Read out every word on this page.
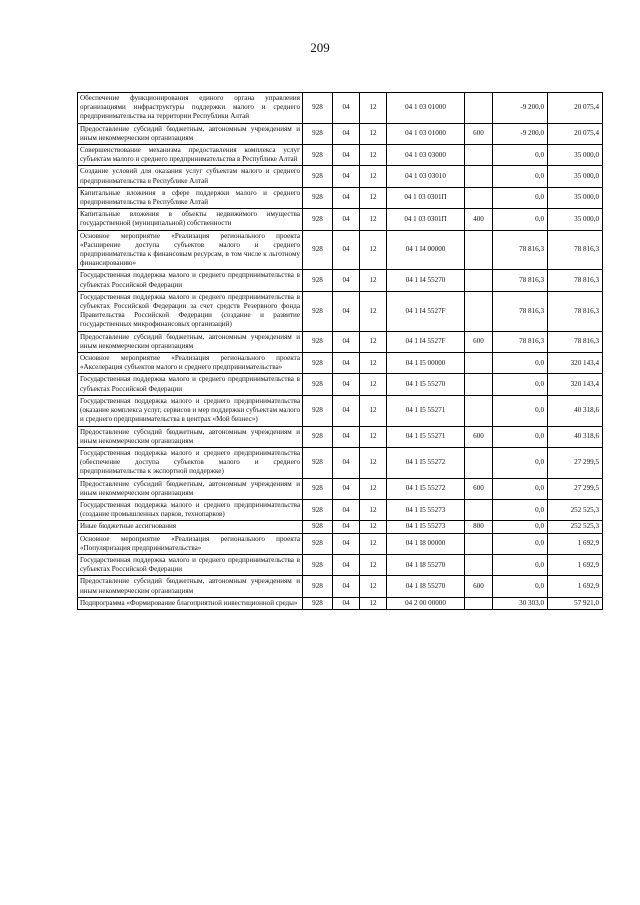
209
Обеспечение функционирования единого органа управления организациями инфраструктуры поддержки малого и среднего предпринимательства на территории Республики Алтай	928	04	12	04 1 03 01000		-9 200,0	20 075,4
Предоставление субсидий бюджетным, автономным учреждениям и иным некоммерческим организациям	928	04	12	04 1 03 01000	600	-9 200,0	20 075,4
Совершенствование механизма предоставления комплекса услуг субъектам малого и среднего предпринимательства в Республике Алтай	928	04	12	04 1 03 03000		0,0	35 000,0
Создание условий для оказания услуг субъектам малого и среднего предпринимательства в Республике Алтай	928	04	12	04 1 03 03010		0,0	35 000,0
Капитальные вложения в сфере поддержки малого и среднего предпринимательства в Республике Алтай	928	04	12	04 1 03 0301П		0,0	35 000,0
Капитальные вложения в объекты недвижимого имущества государственной (муниципальной) собственности	928	04	12	04 1 03 0301П	400	0,0	35 000,0
Основное мероприятие «Реализация регионального проекта «Расширение доступа субъектов малого и среднего предпринимательства к финансовым ресурсам, в том числе к льготному финансированию»	928	04	12	04 1 I4 00000		78 816,3	78 816,3
Государственная поддержка малого и среднего предпринимательства в субъектах Российской Федерации	928	04	12	04 1 I4 55270		78 816,3	78 816,3
Государственная поддержка малого и среднего предпринимательства в субъектах Российской Федерации за счет средств Резервного фонда Правительства Российской Федерации (создание и развитие государственных микрофинансовых организаций)	928	04	12	04 1 I4 5527F		78 816,3	78 816,3
Предоставление субсидий бюджетным, автономным учреждениям и иным некоммерческим организациям	928	04	12	04 1 I4 5527F	600	78 816,3	78 816,3
Основное мероприятие «Реализация регионального проекта «Акселерация субъектов малого и среднего предпринимательства»	928	04	12	04 1 I5 00000		0,0	320 143,4
Государственная поддержка малого и среднего предпринимательства в субъектах Российской Федерации	928	04	12	04 1 I5 55270		0,0	320 143,4
Государственная поддержка малого и среднего предпринимательства (оказание комплекса услуг, сервисов и мер поддержки субъектам малого и среднего предпринимательства в центрах «Мой бизнес»)	928	04	12	04 1 I5 55271		0,0	40 318,6
Предоставление субсидий бюджетным, автономным учреждениям и иным некоммерческим организациям	928	04	12	04 1 I5 55271	600	0,0	40 318,6
Государственная поддержка малого и среднего предпринимательства (обеспечение доступа субъектов малого и среднего предпринимательства к экспортной поддержке)	928	04	12	04 1 I5 55272		0,0	27 299,5
Предоставление субсидий бюджетным, автономным учреждениям и иным некоммерческим организациям	928	04	12	04 1 I5 55272	600	0,0	27 299,5
Государственная поддержка малого и среднего предпринимательства (создание промышленных парков, технопарков)	928	04	12	04 1 I5 55273		0,0	252 525,3
Иные бюджетные ассигнования	928	04	12	04 1 I5 55273	800	0,0	252 525,3
Основное мероприятие «Реализация регионального проекта «Популяризация предпринимательства»	928	04	12	04 1 I8 00000		0,0	1 692,9
Государственная поддержка малого и среднего предпринимательства в субъектах Российской Федерации	928	04	12	04 1 I8 55270		0,0	1 692,9
Предоставление субсидий бюджетным, автономным учреждениям и иным некоммерческим организациям	928	04	12	04 1 I8 55270	600	0,0	1 692,9
Подпрограмма «Формирование благоприятной инвестиционной среды»	928	04	12	04 2 00 00000		30 303,0	57 921,0
